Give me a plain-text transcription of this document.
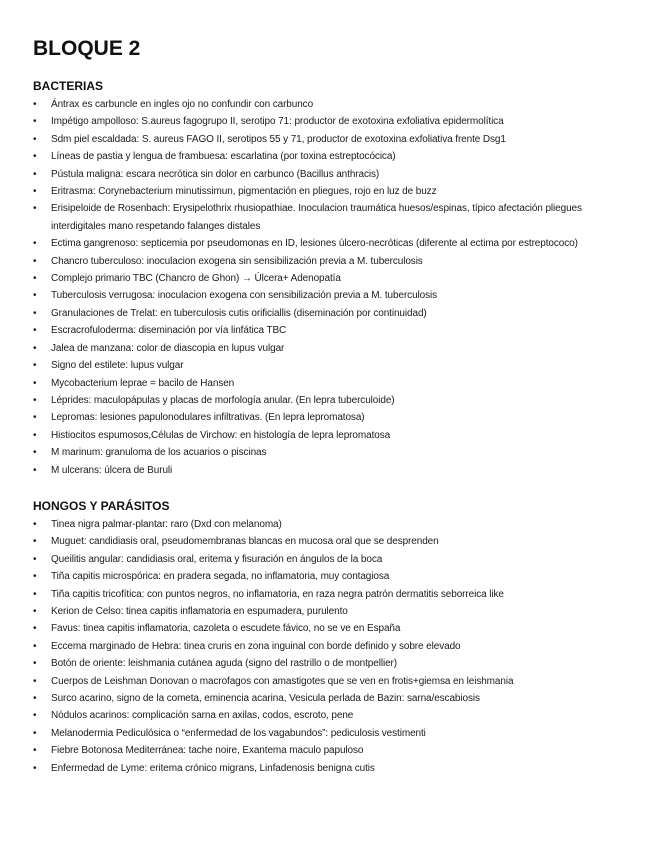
BLOQUE 2
BACTERIAS
• Ántrax es carbuncle en ingles ojo no confundir con carbunco
• Impétigo ampolloso: S.aureus fagogrupo II, serotipo 71: productor de exotoxina exfoliativa epidermolítica
• Sdm piel escaldada: S. aureus FAGO II, serotipos 55 y 71, productor de exotoxina exfoliativa frente Dsg1
• Líneas de pastia y lengua de frambuesa: escarlatina (por toxina estreptocócica)
• Pústula maligna: escara necrótica sin dolor en carbunco (Bacillus anthracis)
• Eritrasma: Corynebacterium minutissimun, pigmentación en pliegues, rojo en luz de buzz
• Erisipeloide de Rosenbach: Erysipelothrix rhusiopathiae. Inoculacion traumática huesos/espinas, típico afectación pliegues interdigitales mano respetando falanges distales
• Ectima gangrenoso: septicemia por pseudomonas en ID, lesiones úlcero-necróticas (diferente al ectima por estreptococo)
• Chancro tuberculoso: inoculacion exogena sin sensibilización previa a M. tuberculosis
• Complejo primario TBC (Chancro de Ghon) → Úlcera+ Adenopatía
• Tuberculosis verrugosa: inoculacion exogena con sensibilización previa a M. tuberculosis
• Granulaciones de Trelat: en tuberculosis cutis orificiallis (diseminación por continuidad)
• Escracrofuloderma: diseminación por vía linfática TBC
• Jalea de manzana: color de diascopia en lupus vulgar
• Signo del estilete: lupus vulgar
• Mycobacterium leprae = bacilo de Hansen
• Léprides: maculopápulas y placas de morfología anular. (En lepra tuberculoide)
• Lepromas: lesiones papulonodulares infiltrativas. (En lepra lepromatosa)
• Histiocitos espumosos,Células de Virchow: en histología de lepra lepromatosa
• M marinum: granuloma de los acuarios o piscinas
• M ulcerans: úlcera de Buruli
HONGOS Y PARÁSITOS
• Tinea nigra palmar-plantar: raro (Dxd con melanoma)
• Muguet: candidiasis oral, pseudomembranas blancas en mucosa oral que se desprenden
• Queilitis angular: candidiasis oral, eritema y fisuración en ángulos de la boca
• Tiña capitis microspórica: en pradera segada, no inflamatoria, muy contagiosa
• Tiña capitis tricofítica: con puntos negros, no inflamatoria, en raza negra patrón dermatitis seborreica like
• Kerion de Celso: tinea capitis inflamatoria en espumadera, purulento
• Favus: tinea capitis inflamatoria, cazoleta o escudete fávico, no se ve en España
• Eccema marginado de Hebra: tinea cruris en zona inguinal con borde definido y sobre elevado
• Botón de oriente: leishmania cutánea aguda (signo del rastrillo o de montpellier)
• Cuerpos de Leishman Donovan o macrofagos con amastigotes que se ven en frotis+giemsa en leishmania
• Surco acarino, signo de la cometa, eminencia acarina, Vesicula perlada de Bazin: sarna/escabiosis
• Nódulos acarinos: complicación sarna en axilas, codos, escroto, pene
• Melanodermia Pediculósica o “enfermedad de los vagabundos”: pediculosis vestimenti
• Fiebre Botonosa Mediterránea: tache noire, Exantema maculo papuloso
• Enfermedad de Lyme: eritema crónico migrans, Linfadenosis benigna cutis
